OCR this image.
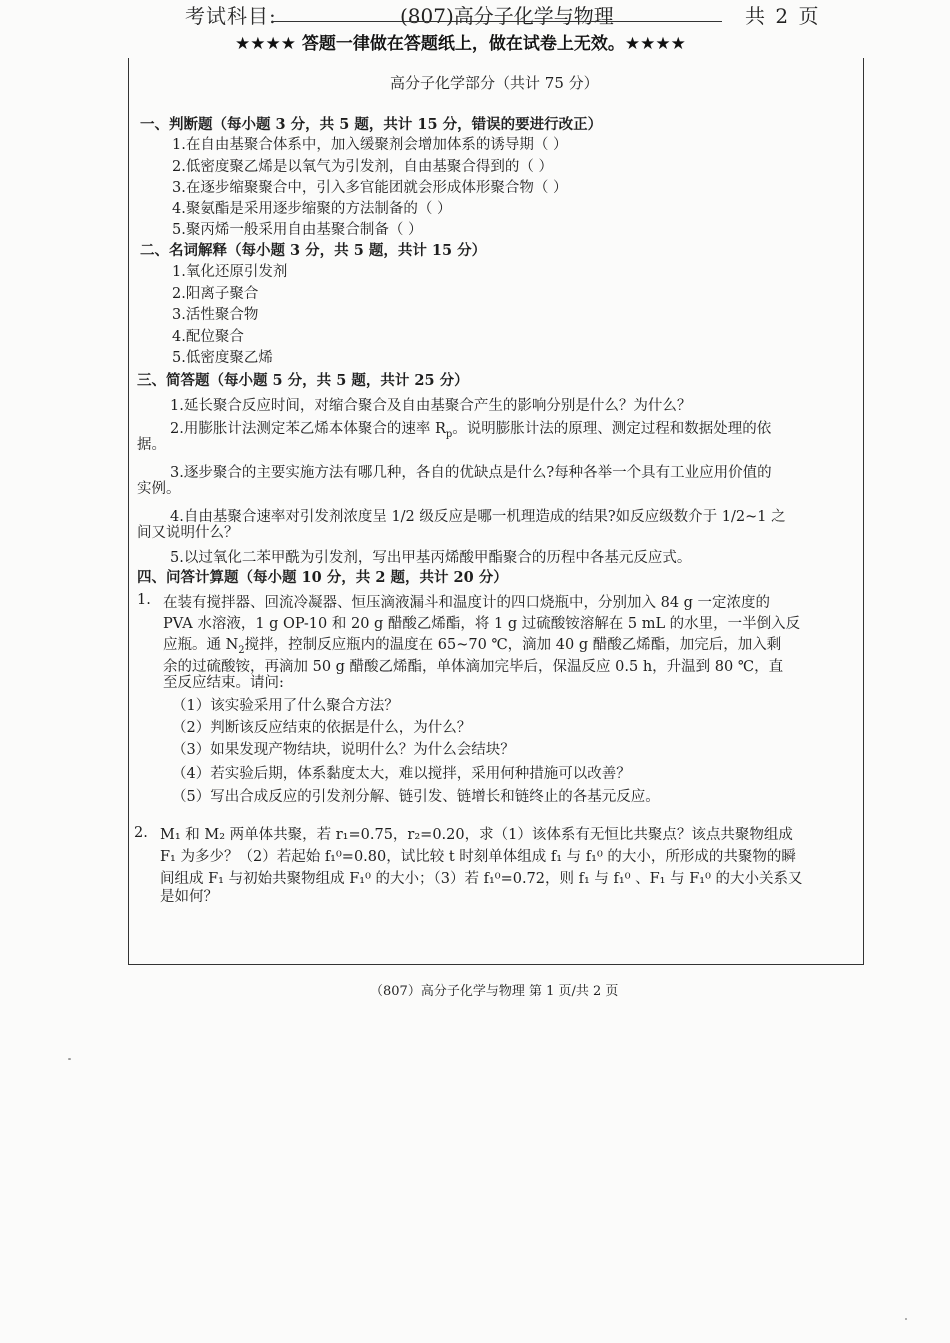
考试科目:	(807)高分子化学与物理	共 2 页
★★★★ 答题一律做在答题纸上，做在试卷上无效。★★★★
高分子化学部分（共计 75 分）
一、判断题（每小题 3 分，共 5 题，共计 15 分，错误的要进行改正）
1.在自由基聚合体系中，加入缓聚剂会增加体系的诱导期（ ）
2.低密度聚乙烯是以氧气为引发剂，自由基聚合得到的（ ）
3.在逐步缩聚聚合中，引入多官能团就会形成体形聚合物（ ）
4.聚氨酯是采用逐步缩聚的方法制备的（ ）
5.聚丙烯一般采用自由基聚合制备（ ）
二、名词解释（每小题 3 分，共 5 题，共计 15 分）
1.氧化还原引发剂
2.阳离子聚合
3.活性聚合物
4.配位聚合
5.低密度聚乙烯
三、简答题（每小题 5 分，共 5 题，共计 25 分）
1.延长聚合反应时间，对缩合聚合及自由基聚合产生的影响分别是什么？为什么？
2.用膨胀计法测定苯乙烯本体聚合的速率 $R_p$。说明膨胀计法的原理、测定过程和数据处理的依
据。
3.逐步聚合的主要实施方法有哪几种，各自的优缺点是什么?每种各举一个具有工业应用价值的
实例。
4.自由基聚合速率对引发剂浓度呈 1/2 级反应是哪一机理造成的结果?如反应级数介于 1/2~1 之
间又说明什么？
5.以过氧化二苯甲酰为引发剂，写出甲基丙烯酸甲酯聚合的历程中各基元反应式。
四、问答计算题（每小题 10 分，共 2 题，共计 20 分）
1. 在装有搅拌器、回流冷凝器、恒压滴液漏斗和温度计的四口烧瓶中，分别加入 84 g 一定浓度的
PVA 水溶液，1 g OP-10 和 20 g 醋酸乙烯酯，将 1 g 过硫酸铵溶解在 5 mL 的水里，一半倒入反
应瓶。通 $N_2$搅拌，控制反应瓶内的温度在 65~70 ℃，滴加 40 g 醋酸乙烯酯，加完后，加入剩
余的过硫酸铵，再滴加 50 g 醋酸乙烯酯，单体滴加完毕后，保温反应 0.5 h，升温到 80 ℃，直
至反应结束。请问:
（1）该实验采用了什么聚合方法？
（2）判断该反应结束的依据是什么，为什么？
（3）如果发现产物结块，说明什么？为什么会结块？
（4）若实验后期，体系黏度太大，难以搅拌，采用何种措施可以改善？
（5）写出合成反应的引发剂分解、链引发、链增长和链终止的各基元反应。
2. M₁ 和 M₂ 两单体共聚，若 r₁=0.75，r₂=0.20，求（1）该体系有无恒比共聚点？该点共聚物组成
F₁ 为多少？（2）若起始 f₁⁰=0.80，试比较 t 时刻单体组成 f₁ 与 f₁⁰ 的大小，所形成的共聚物的瞬
间组成 F₁ 与初始共聚物组成 F₁⁰ 的大小；（3）若 f₁⁰=0.72，则 f₁ 与 f₁⁰ 、F₁ 与 F₁⁰ 的大小关系又
是如何？
（807）高分子化学与物理 第 1 页/共 2 页
